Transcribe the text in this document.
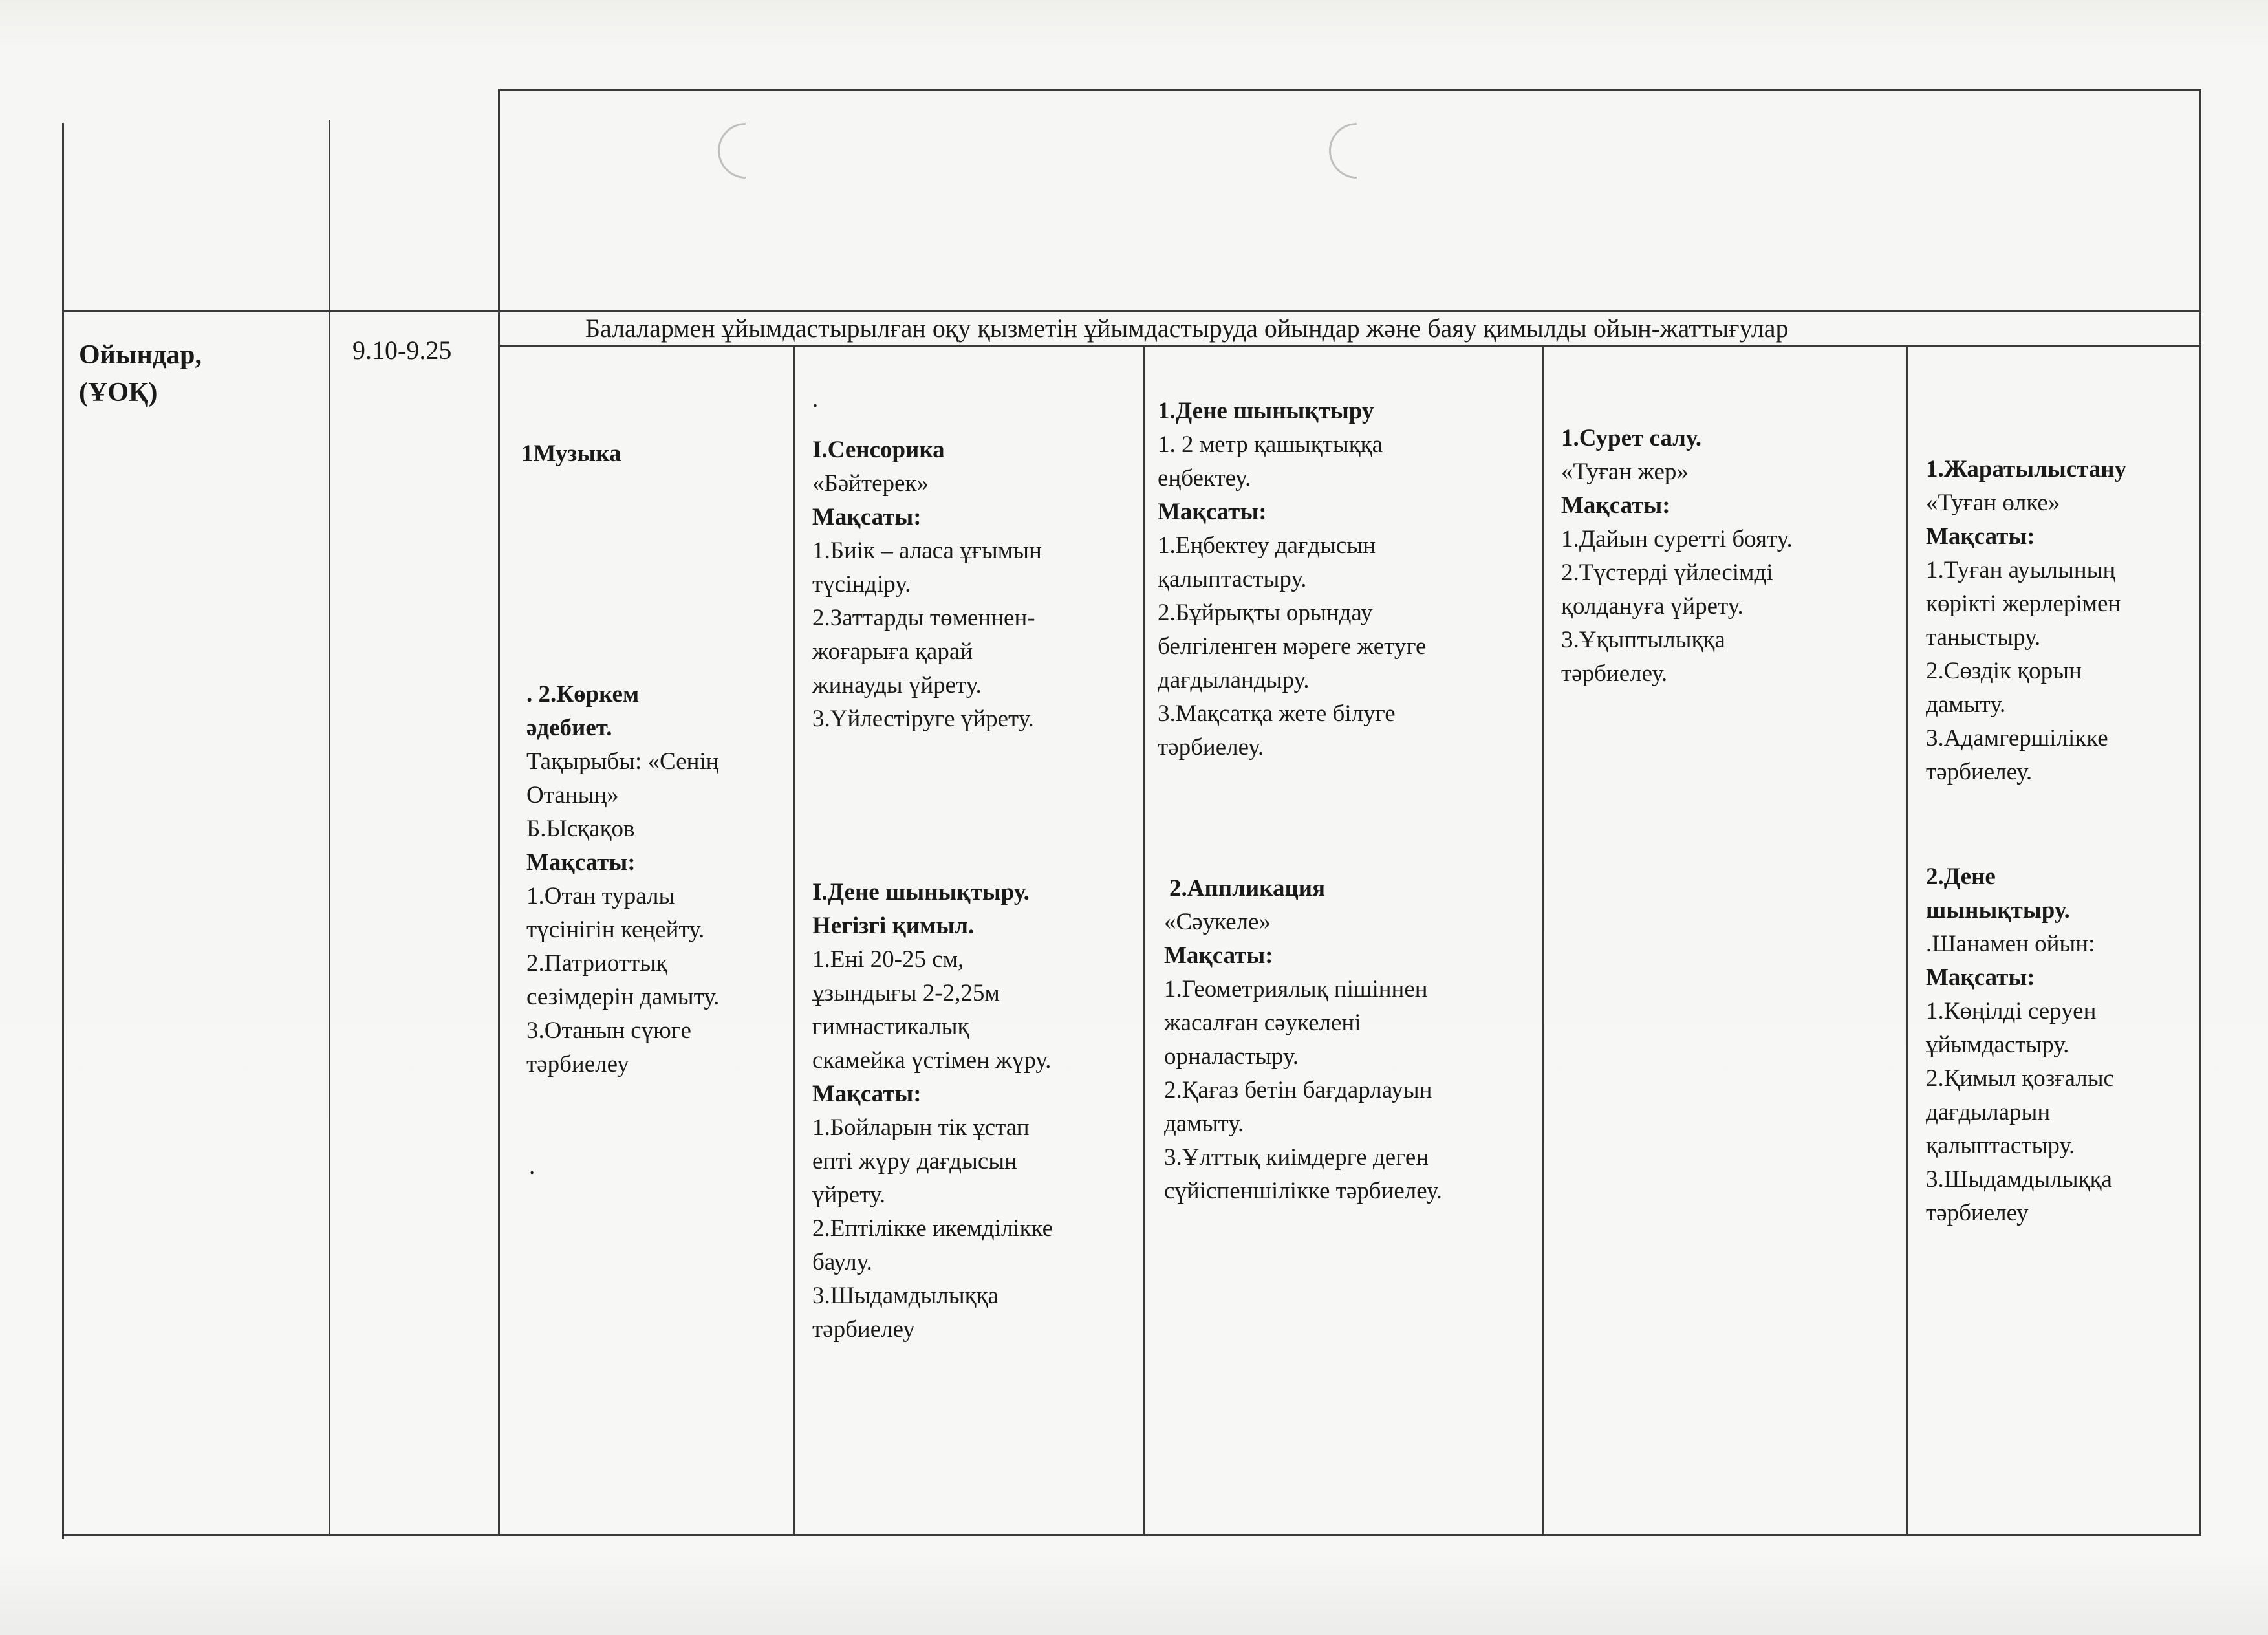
Ойындар,
(ҰОҚ)
9.10-9.25
Балалармен ұйымдастырылған оқу қызметін ұйымдастыруда ойындар және баяу қимылды ойын-жаттығулар
1Музыка
. 2.Көркем
әдебиет.
Тақырыбы: «Сенің
Отаның»
Б.Ысқақов
Мақсаты:
1.Отан туралы
түсінігін кеңейту.
2.Патриоттық
сезімдерін дамыту.
3.Отанын сүюге
тәрбиелеу
.
.
І.Сенсорика
«Бәйтерек»
Мақсаты:
1.Биік – аласа ұғымын
түсіндіру.
2.Заттарды төменнен-
жоғарыға қарай
жинауды үйрету.
3.Үйлестіруге үйрету.
І.Дене шынықтыру.
Негізгі қимыл.
1.Ені 20-25 см,
ұзындығы 2-2,25м
гимнастикалық
скамейка үстімен жүру.
Мақсаты:
1.Бойларын тік ұстап
епті жүру дағдысын
үйрету.
2.Ептілікке икемділікке
баулу.
3.Шыдамдылыққа
тәрбиелеу
1.Дене шынықтыру
1. 2 метр қашықтыққа
еңбектеу.
Мақсаты:
1.Еңбектеу дағдысын
қалыптастыру.
2.Бұйрықты орындау
белгіленген мәреге жетуге
дағдыландыру.
3.Мақсатқа жете білуге
тәрбиелеу.
2.Аппликация
«Сәукеле»
Мақсаты:
1.Геометриялық пішіннен
жасалған сәукелені
орналастыру.
2.Қағаз бетін бағдарлауын
дамыту.
3.Ұлттық киімдерге деген
сүйіспеншілікке тәрбиелеу.
1.Сурет салу.
«Туған жер»
Мақсаты:
1.Дайын суретті бояту.
2.Түстерді үйлесімді
қолдануға үйрету.
3.Ұқыптылыққа
тәрбиелеу.
1.Жаратылыстану
«Туған өлке»
Мақсаты:
1.Туған ауылының
көрікті жерлерімен
таныстыру.
2.Сөздік қорын
дамыту.
3.Адамгершілікке
тәрбиелеу.
2.Дене
шынықтыру.
.Шанамен ойын:
Мақсаты:
1.Көңілді серуен
ұйымдастыру.
2.Қимыл қозғалыс
дағдыларын
қалыптастыру.
3.Шыдамдылыққа
тәрбиелеу
